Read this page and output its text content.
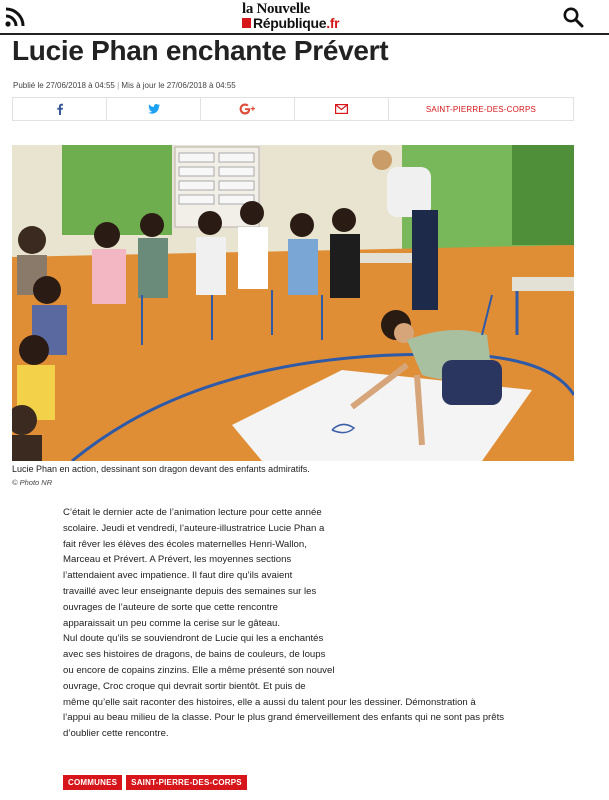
la Nouvelle
République.fr
Lucie Phan enchante Prévert
Publié le 27/06/2018 à 04:55 | Mis à jour le 27/06/2018 à 04:55
SAINT-PIERRE-DES-CORPS
Lucie Phan en action, dessinant son dragon devant des enfants admiratifs.
© Photo NR

C’était le dernier acte de l’animation lecture pour cette année

scolaire. Jeudi et vendredi, l’auteure-illustratrice Lucie Phan a

fait rêver les élèves des écoles maternelles Henri-Wallon,

Marceau et Prévert. A Prévert, les moyennes sections

l’attendaient avec impatience. Il faut dire qu’ils avaient

travaillé avec leur enseignante depuis des semaines sur les

ouvrages de l’auteure de sorte que cette rencontre

apparaissait un peu comme la cerise sur le gâteau.

Nul doute qu’ils se souviendront de Lucie qui les a enchantés

avec ses histoires de dragons, de bains de couleurs, de loups

ou encore de copains zinzins. Elle a même présenté son nouvel

ouvrage, Croc croque qui devrait sortir bientôt. Et puis de

même qu’elle sait raconter des histoires, elle a aussi du talent pour les dessiner. Démonstration à

l’appui au beau milieu de la classe. Pour le plus grand émerveillement des enfants qui ne sont pas prêts

d’oublier cette rencontre.

COMMUNES	SAINT-PIERRE-DES-CORPS
